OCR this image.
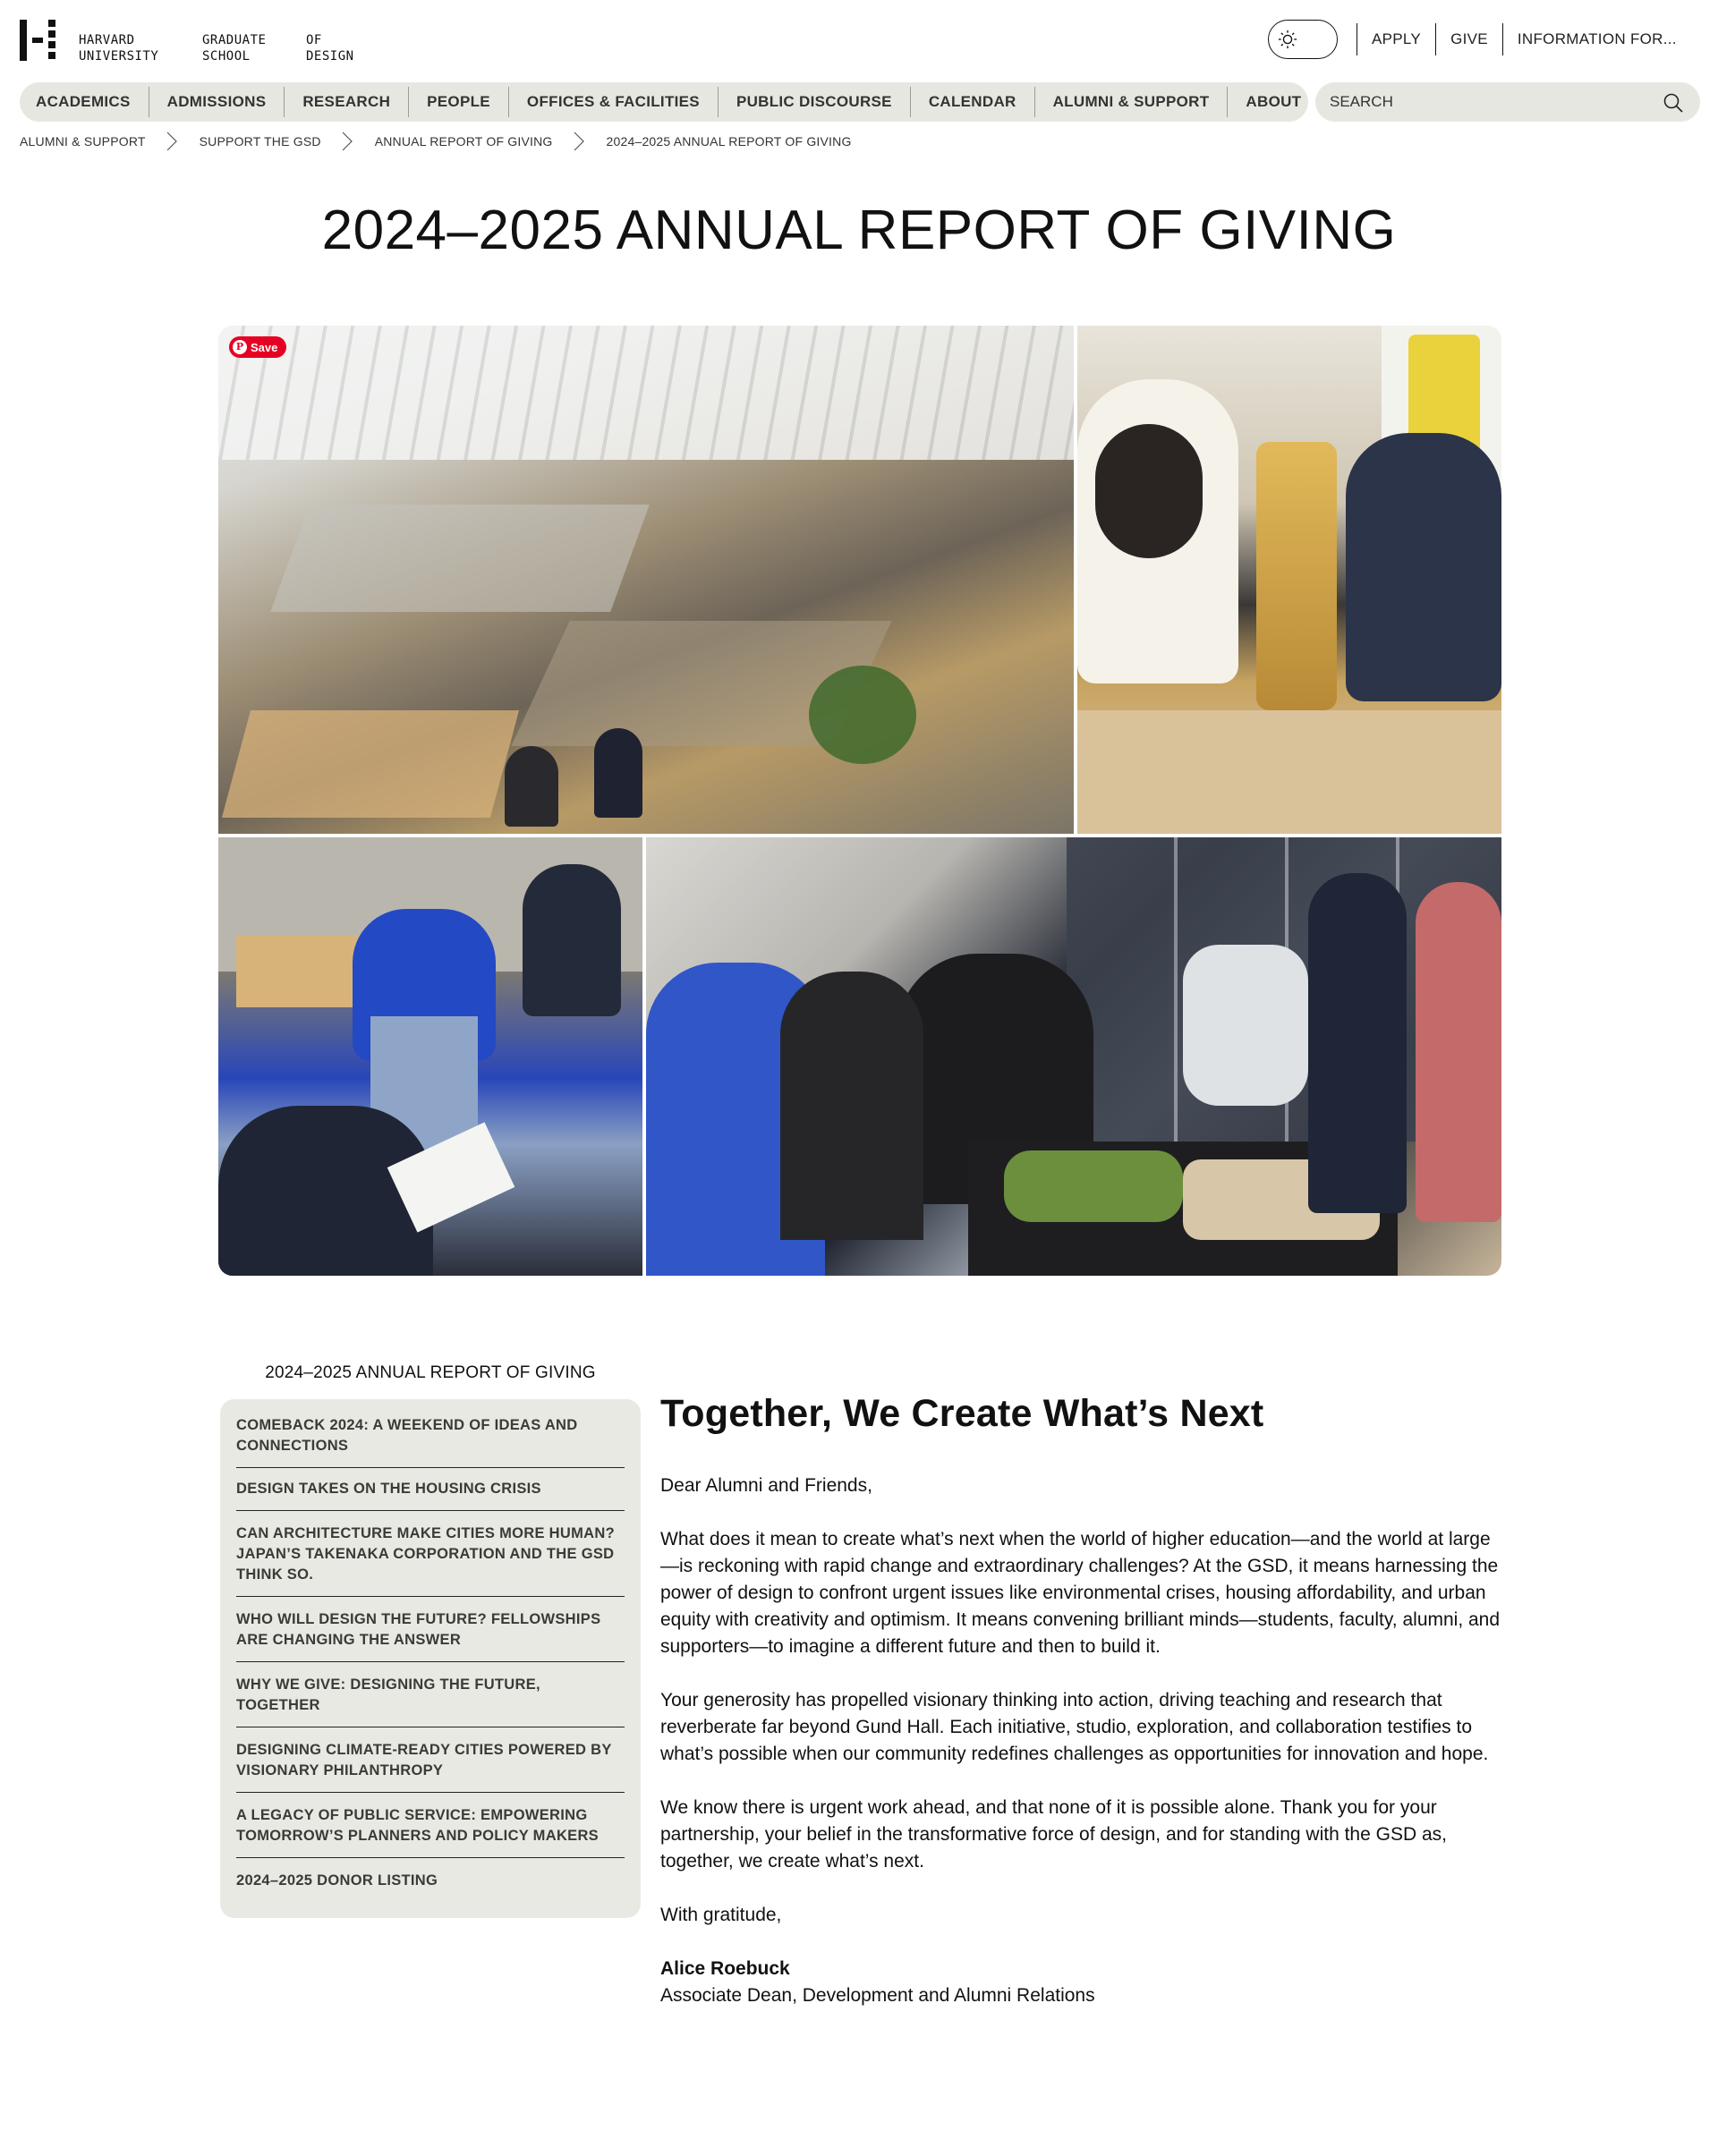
HARVARD
UNIVERSITY
GRADUATE
SCHOOL
OF
DESIGN
APPLY	GIVE	INFORMATION FOR...
ACADEMICS	ADMISSIONS	RESEARCH	PEOPLE	OFFICES & FACILITIES	PUBLIC DISCOURSE	CALENDAR	ALUMNI & SUPPORT	ABOUT
SEARCH
ALUMNI & SUPPORT	SUPPORT THE GSD	ANNUAL REPORT OF GIVING	2024–2025 ANNUAL REPORT OF GIVING
2024–2025 ANNUAL REPORT OF GIVING
P Save
2024–2025 ANNUAL REPORT OF GIVING
COMEBACK 2024: A WEEKEND OF IDEAS AND CONNECTIONS
DESIGN TAKES ON THE HOUSING CRISIS
CAN ARCHITECTURE MAKE CITIES MORE HUMAN? JAPAN’S TAKENAKA CORPORATION AND THE GSD THINK SO.
WHO WILL DESIGN THE FUTURE? FELLOWSHIPS ARE CHANGING THE ANSWER
WHY WE GIVE: DESIGNING THE FUTURE, TOGETHER
DESIGNING CLIMATE-READY CITIES POWERED BY VISIONARY PHILANTHROPY
A LEGACY OF PUBLIC SERVICE: EMPOWERING TOMORROW’S PLANNERS AND POLICY MAKERS
2024–2025 DONOR LISTING
Together, We Create What’s Next

Dear Alumni and Friends,

What does it mean to create what’s next when the world of higher education—and the world at large—is reckoning with rapid change and extraordinary challenges? At the GSD, it means harnessing the power of design to confront urgent issues like environmental crises, housing affordability, and urban equity with creativity and optimism. It means convening brilliant minds—students, faculty, alumni, and supporters—to imagine a different future and then to build it.

Your generosity has propelled visionary thinking into action, driving teaching and research that reverberate far beyond Gund Hall. Each initiative, studio, exploration, and collaboration testifies to what’s possible when our community redefines challenges as opportunities for innovation and hope.

We know there is urgent work ahead, and that none of it is possible alone. Thank you for your partnership, your belief in the transformative force of design, and for standing with the GSD as, together, we create what’s next.

With gratitude,

Alice Roebuck

Associate Dean, Development and Alumni Relations
